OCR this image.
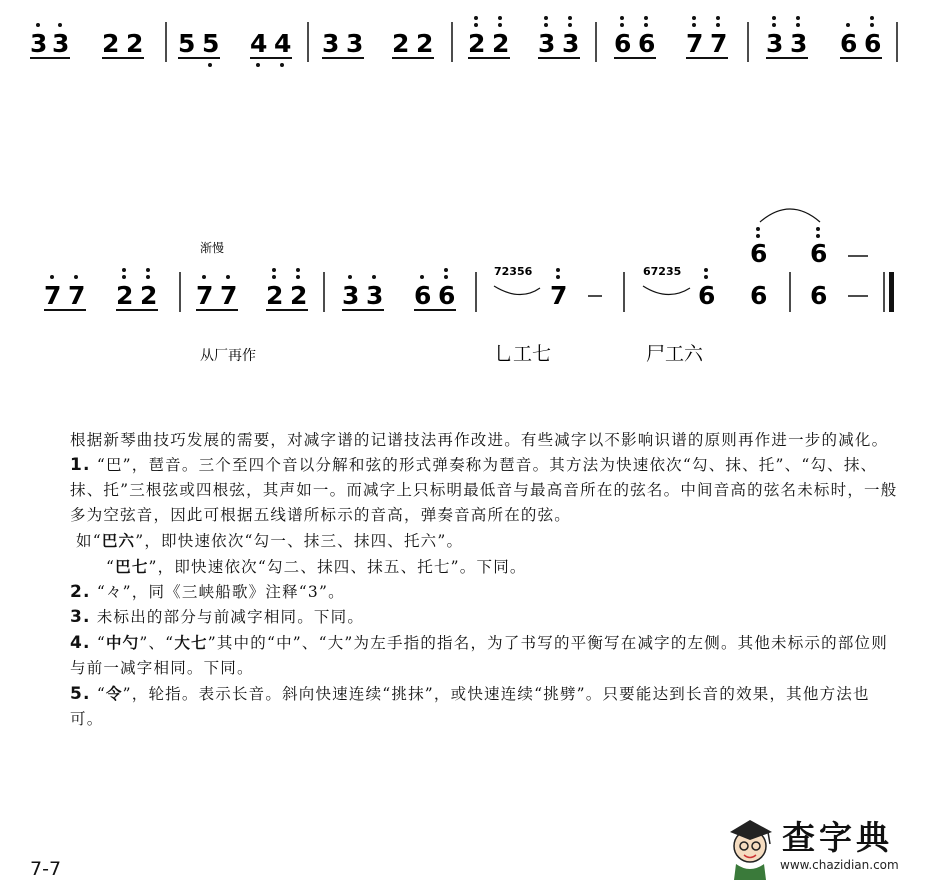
3 3 2 2 5 5 4 4 3 3 2 2 2 2 3 3 6 6 7 7 3 3 6 6
渐慢
7 7 2 2 7 7 2 2 3 3 6 6	7	6 6 6
6 6
72356	67235
从厂再作	乚工七	尸工六

根据新琴曲技巧发展的需要，对减字谱的记谱技法再作改进。有些减字以不影响识谱的原则再作进一步的减化。

1. “巴”，琶音。三个至四个音以分解和弦的形式弹奏称为琶音。其方法为快速依次“勾、抹、托”、“勾、抹、抹、托”三根弦或四根弦，其声如一。而减字上只标明最低音与最高音所在的弦名。中间音高的弦名未标时，一般多为空弦音，因此可根据五线谱所标示的音高，弹奏音高所在的弦。

如“巴六”，即快速依次“勾一、抹三、抹四、托六”。

“巴七”，即快速依次“勾二、抹四、抹五、托七”。下同。

2. “々”，同《三峡船歌》注释“3”。

3. 未标出的部分与前减字相同。下同。

4. “中勺”、“大七”其中的“中”、“大”为左手指的指名，为了书写的平衡写在减字的左侧。其他未标示的部位则与前一减字相同。下同。

5. “令”，轮指。表示长音。斜向快速连续“挑抹”，或快速连续“挑劈”。只要能达到长音的效果，其他方法也可。

7-7
查字典
www.chazidian.com
